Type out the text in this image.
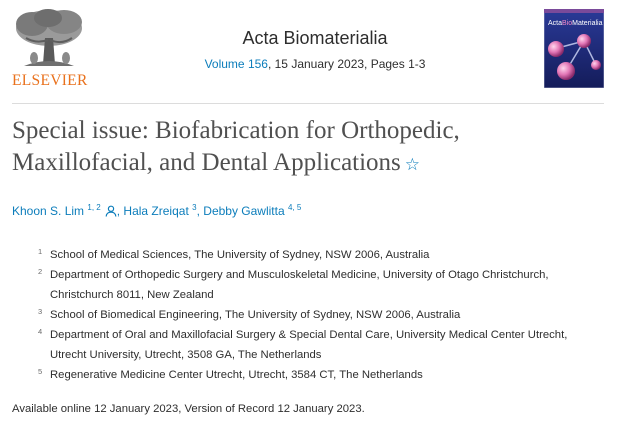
ELSEVIER
Acta Biomaterialia
Volume 156, 15 January 2023, Pages 1-3
ActaBioMaterialia
Special issue: Biofabrication for Orthopedic,
Maxillofacial, and Dental Applications ☆
Khoon S. Lim $^{1, 2}$ , Hala Zreiqat $^3$, Debby Gawlitta $^{4, 5}$
1 School of Medical Sciences, The University of Sydney, NSW 2006, Australia
2 Department of Orthopedic Surgery and Musculoskeletal Medicine, University of Otago Christchurch,
Christchurch 8011, New Zealand
3 School of Biomedical Engineering, The University of Sydney, NSW 2006, Australia
4 Department of Oral and Maxillofacial Surgery & Special Dental Care, University Medical Center Utrecht,
Utrecht University, Utrecht, 3508 GA, The Netherlands
5 Regenerative Medicine Center Utrecht, Utrecht, 3584 CT, The Netherlands
Available online 12 January 2023, Version of Record 12 January 2023.
